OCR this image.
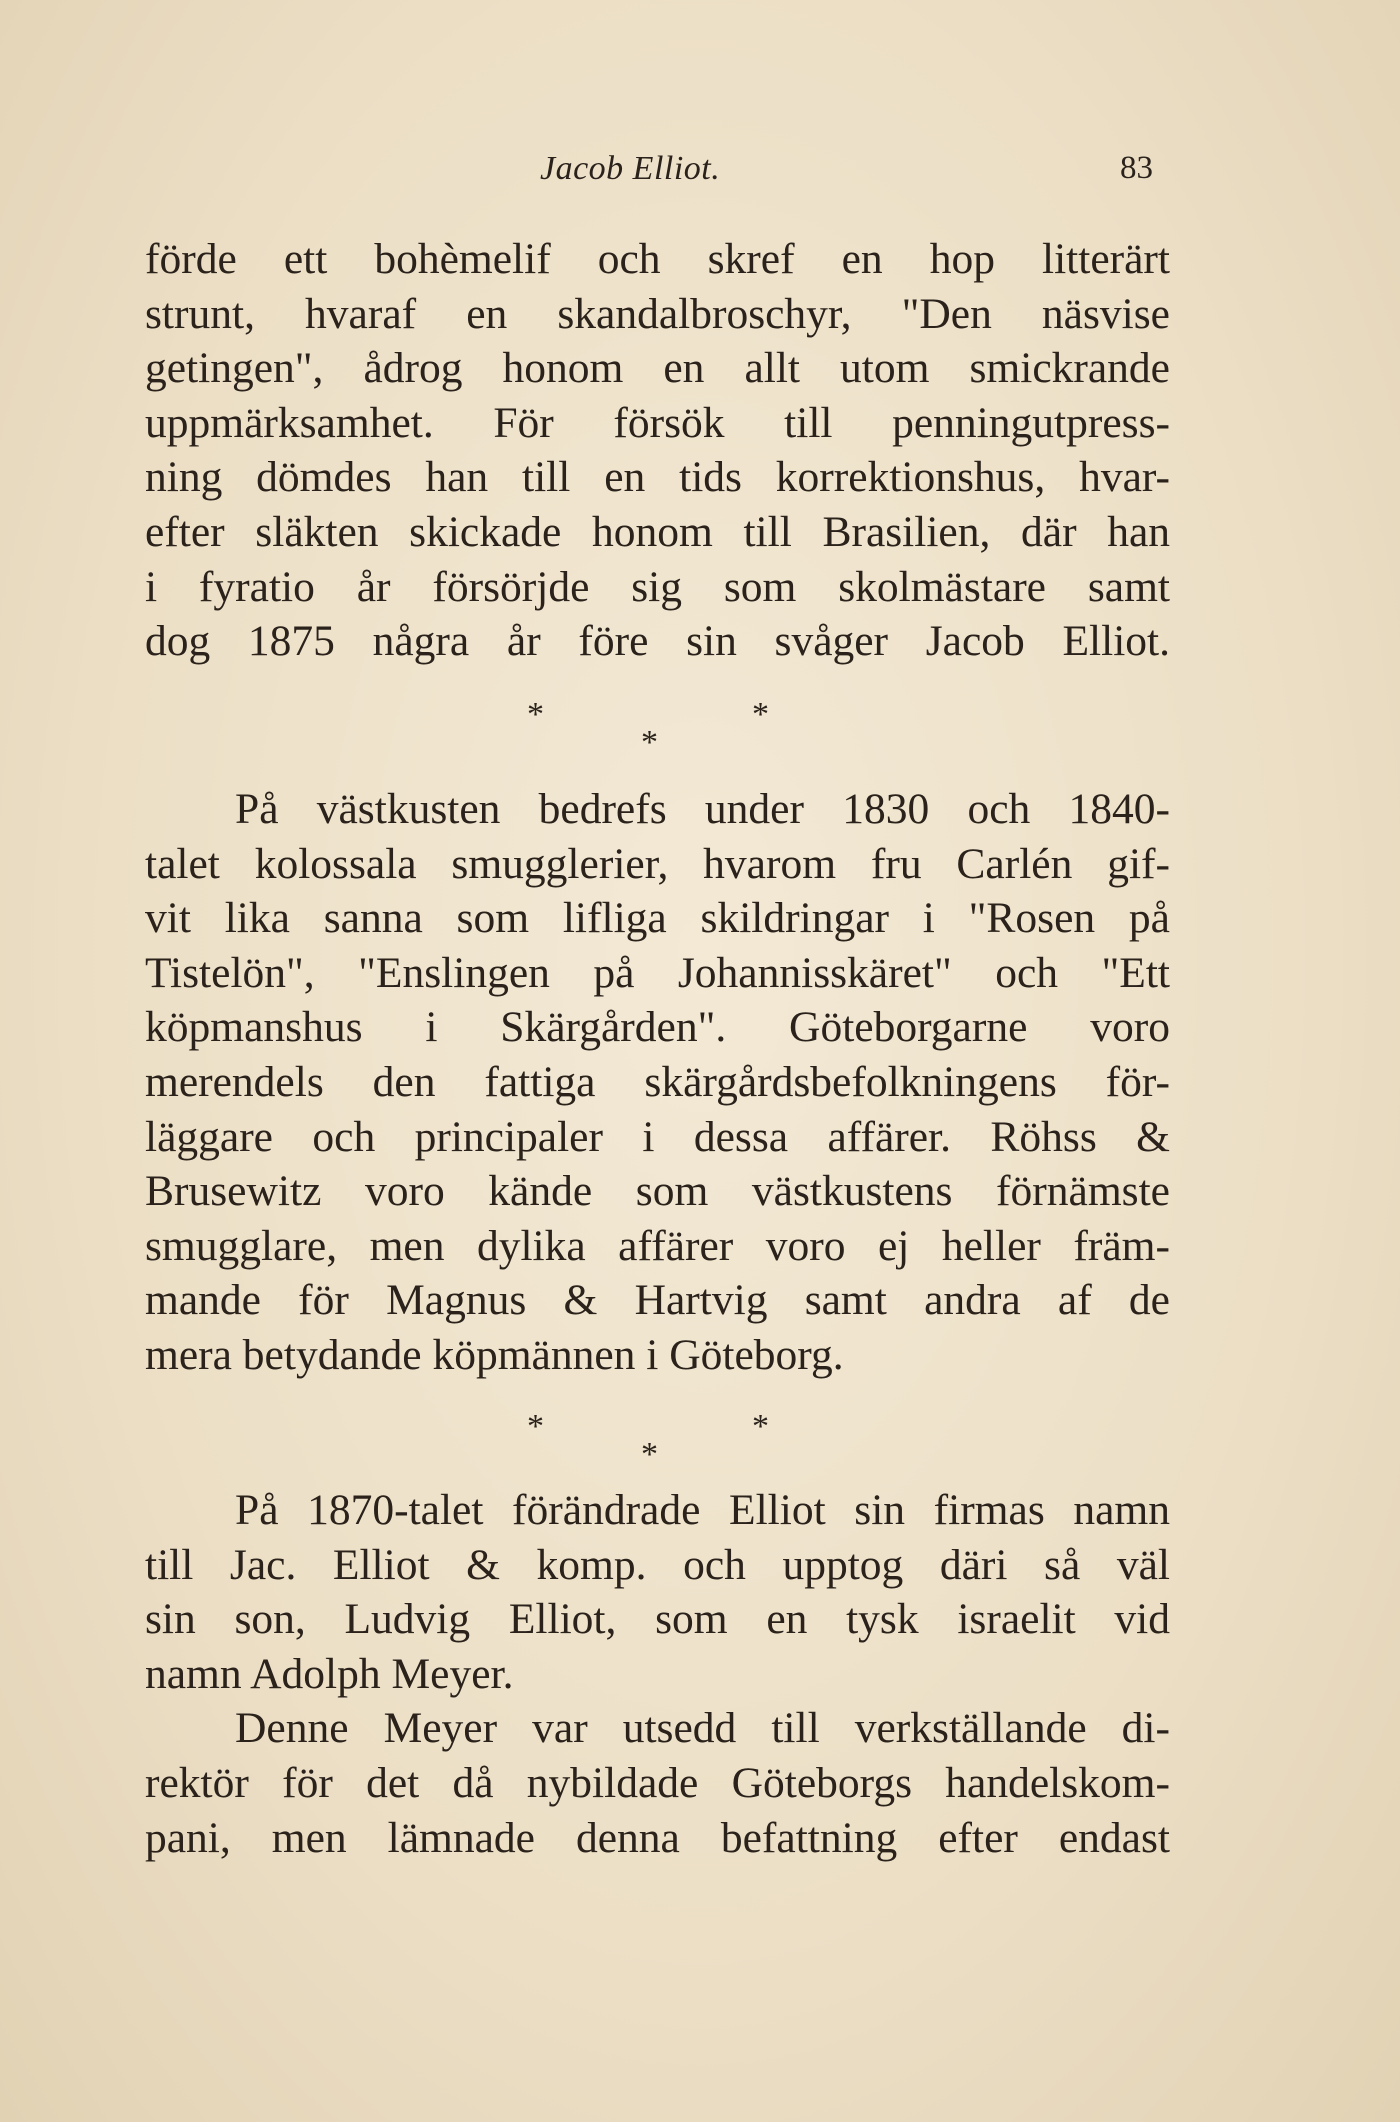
Jacob Elliot.	83
förde ett bohèmelif och skref en hop litterärt
strunt, hvaraf en skandalbroschyr, "Den näsvise
getingen", ådrog honom en allt utom smickrande
uppmärksamhet. För försök till penningutpress-
ning dömdes han till en tids korrektionshus, hvar-
efter släkten skickade honom till Brasilien, där han
i fyratio år försörjde sig som skolmästare samt
dog 1875 några år före sin svåger Jacob Elliot.
*	*
*
På västkusten bedrefs under 1830 och 1840-
talet kolossala smugglerier, hvarom fru Carlén gif-
vit lika sanna som lifliga skildringar i "Rosen på
Tistelön", "Enslingen på Johannisskäret" och "Ett
köpmanshus i Skärgården". Göteborgarne voro
merendels den fattiga skärgårdsbefolkningens för-
läggare och principaler i dessa affärer. Röhss &
Brusewitz voro kände som västkustens förnämste
smugglare, men dylika affärer voro ej heller främ-
mande för Magnus & Hartvig samt andra af de
mera betydande köpmännen i Göteborg.
*	*
*
På 1870-talet förändrade Elliot sin firmas namn
till Jac. Elliot & komp. och upptog däri så väl
sin son, Ludvig Elliot, som en tysk israelit vid
namn Adolph Meyer.
Denne Meyer var utsedd till verkställande di-
rektör för det då nybildade Göteborgs handelskom-
pani, men lämnade denna befattning efter endast
